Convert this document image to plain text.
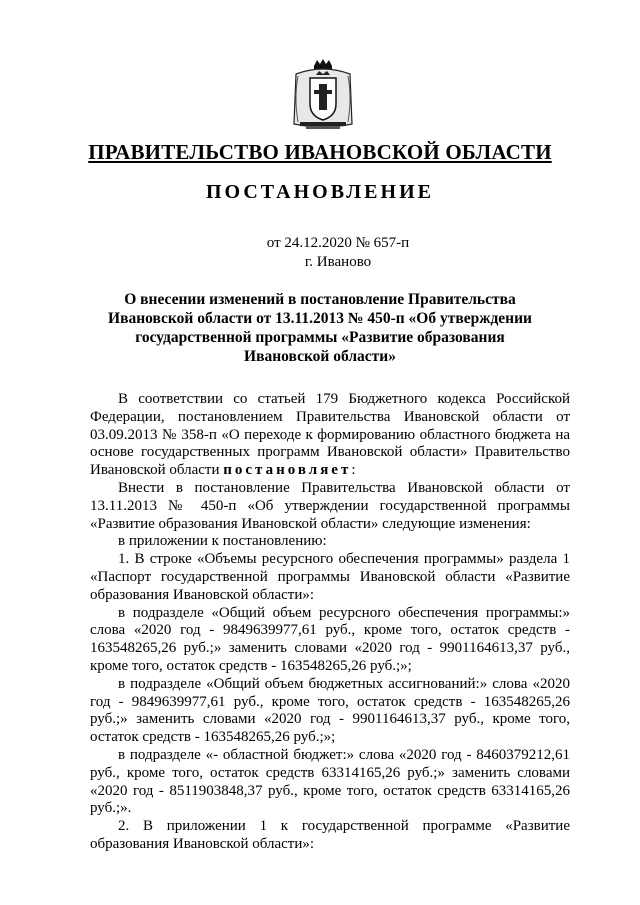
ПРАВИТЕЛЬСТВО ИВАНОВСКОЙ ОБЛАСТИ
ПОСТАНОВЛЕНИЕ
от 24.12.2020 № 657-п
г. Иваново
О внесении изменений в постановление Правительства
Ивановской области от 13.11.2013 № 450-п «Об утверждении
государственной программы «Развитие образования
Ивановской области»

В соответствии со статьей 179 Бюджетного кодекса Российской Федерации, постановлением Правительства Ивановской области от 03.09.2013 № 358-п «О переходе к формированию областного бюджета на основе государственных программ Ивановской области» Правительство Ивановской области постановляет:

Внести в постановление Правительства Ивановской области от 13.11.2013 № 450-п «Об утверждении государственной программы «Развитие образования Ивановской области» следующие изменения:

в приложении к постановлению:

1. В строке «Объемы ресурсного обеспечения программы» раздела 1 «Паспорт государственной программы Ивановской области «Развитие образования Ивановской области»:

в подразделе «Общий объем ресурсного обеспечения программы:» слова «2020 год - 9849639977,61 руб., кроме того, остаток средств - 163548265,26 руб.;» заменить словами «2020 год - 9901164613,37 руб., кроме того, остаток средств - 163548265,26 руб.;»;

в подразделе «Общий объем бюджетных ассигнований:» слова «2020 год - 9849639977,61 руб., кроме того, остаток средств - 163548265,26 руб.;» заменить словами «2020 год - 9901164613,37 руб., кроме того, остаток средств - 163548265,26 руб.;»;

в подразделе «- областной бюджет:» слова «2020 год - 8460379212,61 руб., кроме того, остаток средств 63314165,26 руб.;» заменить словами «2020 год - 8511903848,37 руб., кроме того, остаток средств 63314165,26 руб.;».

2. В приложении 1 к государственной программе «Развитие образования Ивановской области»:
